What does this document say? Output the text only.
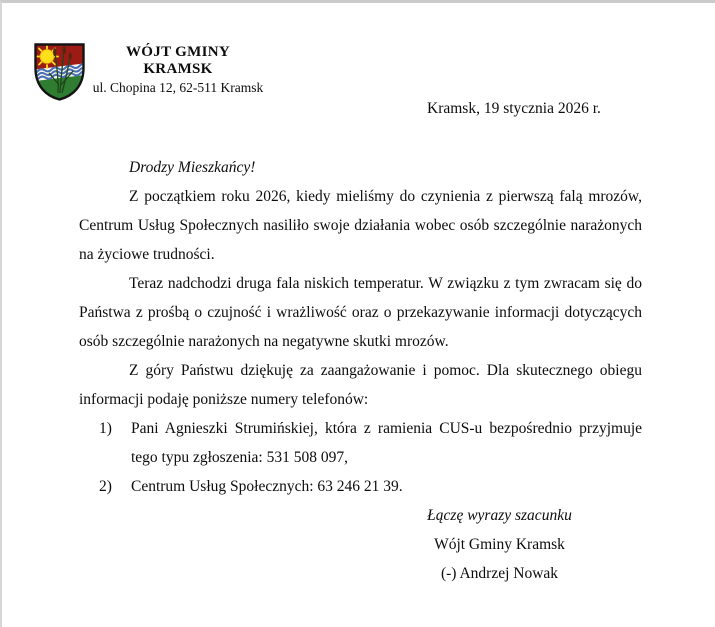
WÓJT GMINY
KRAMSK
ul. Chopina 12, 62-511 Kramsk
Kramsk, 19 stycznia 2026 r.

Drodzy Mieszkańcy!

Z początkiem roku 2026, kiedy mieliśmy do czynienia z pierwszą falą mrozów, Centrum Usług Społecznych nasiliło swoje działania wobec osób szczególnie narażonych na życiowe trudności.

Teraz nadchodzi druga fala niskich temperatur. W związku z tym zwracam się do Państwa z prośbą o czujność i wrażliwość oraz o przekazywanie informacji dotyczących osób szczególnie narażonych na negatywne skutki mrozów.

Z góry Państwu dziękuję za zaangażowanie i pomoc. Dla skutecznego obiegu informacji podaję poniższe numery telefonów:

1)	Pani Agnieszki Strumińskiej, która z ramienia CUS-u bezpośrednio przyjmuje tego typu zgłoszenia: 531 508 097,
2)	Centrum Usług Społecznych: 63 246 21 39.
Łączę wyrazy szacunku
Wójt Gminy Kramsk
(-) Andrzej Nowak
